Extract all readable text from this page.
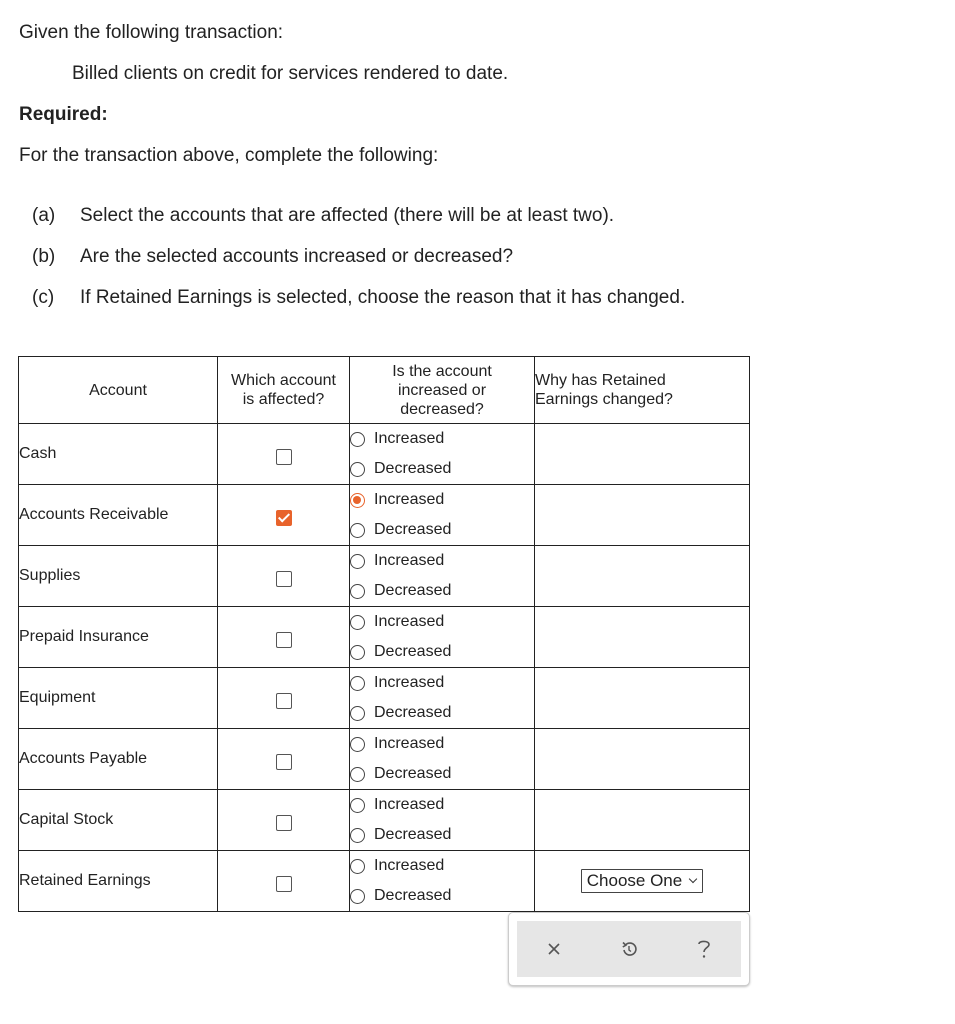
Given the following transaction:
Billed clients on credit for services rendered to date.
Required:
For the transaction above, complete the following:
(a)	Select the accounts that are affected (there will be at least two).
(b)	Are the selected accounts increased or decreased?
(c)	If Retained Earnings is selected, choose the reason that it has changed.
Account	Which account is affected?	Is the account increased or decreased?	Why has Retained Earnings changed?

Cash		Increased
Decreased	

Accounts Receivable		Increased
Decreased	

Supplies		Increased
Decreased	

Prepaid Insurance		Increased
Decreased	

Equipment		Increased
Decreased	

Accounts Payable		Increased
Decreased	

Capital Stock		Increased
Decreased	

Retained Earnings		Increased
Decreased	Choose One
